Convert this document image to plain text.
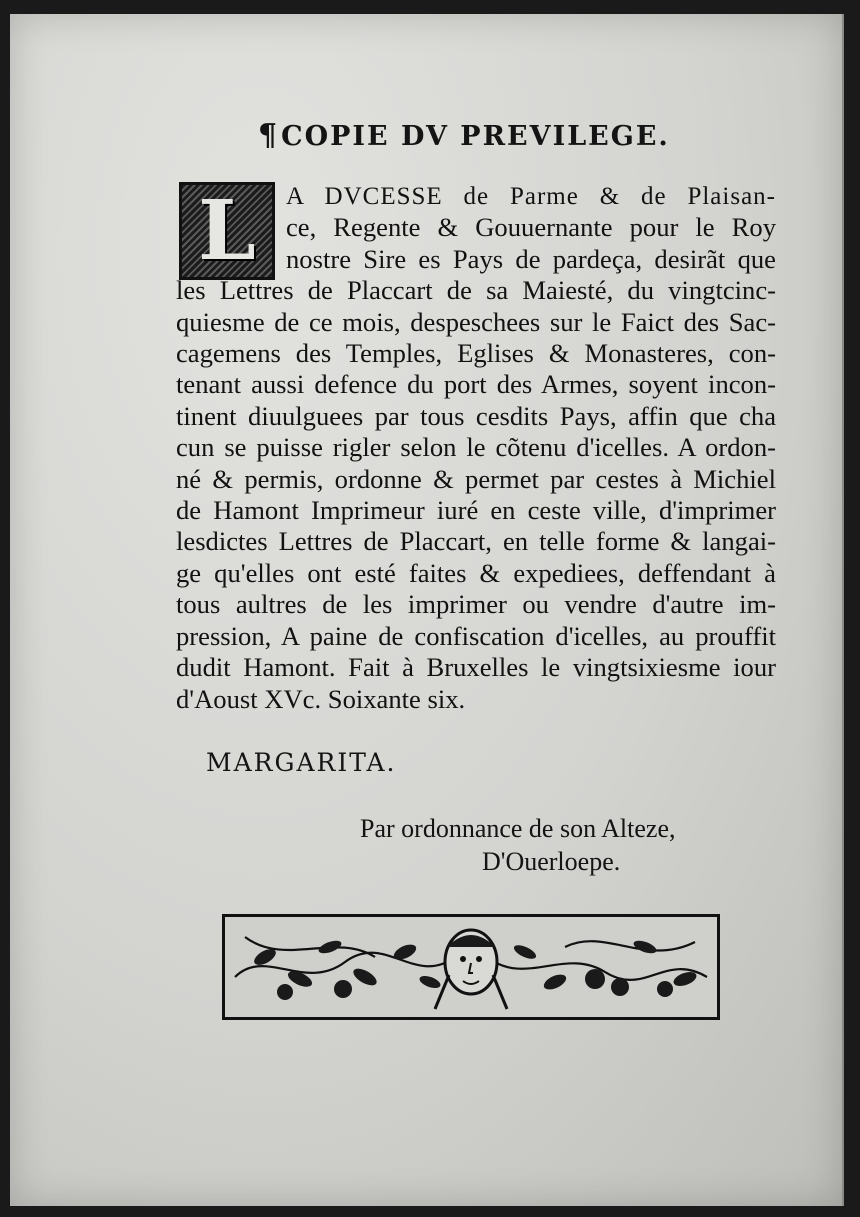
¶COPIE DV PREVILEGE.
L	A DVCESSE de Parme & de Plaisan-
ce, Regente & Gouuernante pour le Roy
nostre Sire es Pays de pardeça, desirãt que
les Lettres de Placcart de sa Maiesté, du vingtcinc-
quiesme de ce mois, despeschees sur le Faict des Sac-
cagemens des Temples, Eglises & Monasteres, con-
tenant aussi defence du port des Armes, soyent incon-
tinent diuulguees par tous cesdits Pays, affin que cha
cun se puisse rigler selon le cõtenu d'icelles. A ordon-
né & permis, ordonne & permet par cestes à Michiel
de Hamont Imprimeur iuré en ceste ville, d'imprimer
lesdictes Lettres de Placcart, en telle forme & langai-
ge qu'elles ont esté faites & expediees, deffendant à
tous aultres de les imprimer ou vendre d'autre im-
pression, A paine de confiscation d'icelles, au prouffit
dudit Hamont. Fait à Bruxelles le vingtsixiesme iour
d'Aoust XVc. Soixante six.
MARGARITA.
Par ordonnance de son Alteze,
D'Ouerloepe.
